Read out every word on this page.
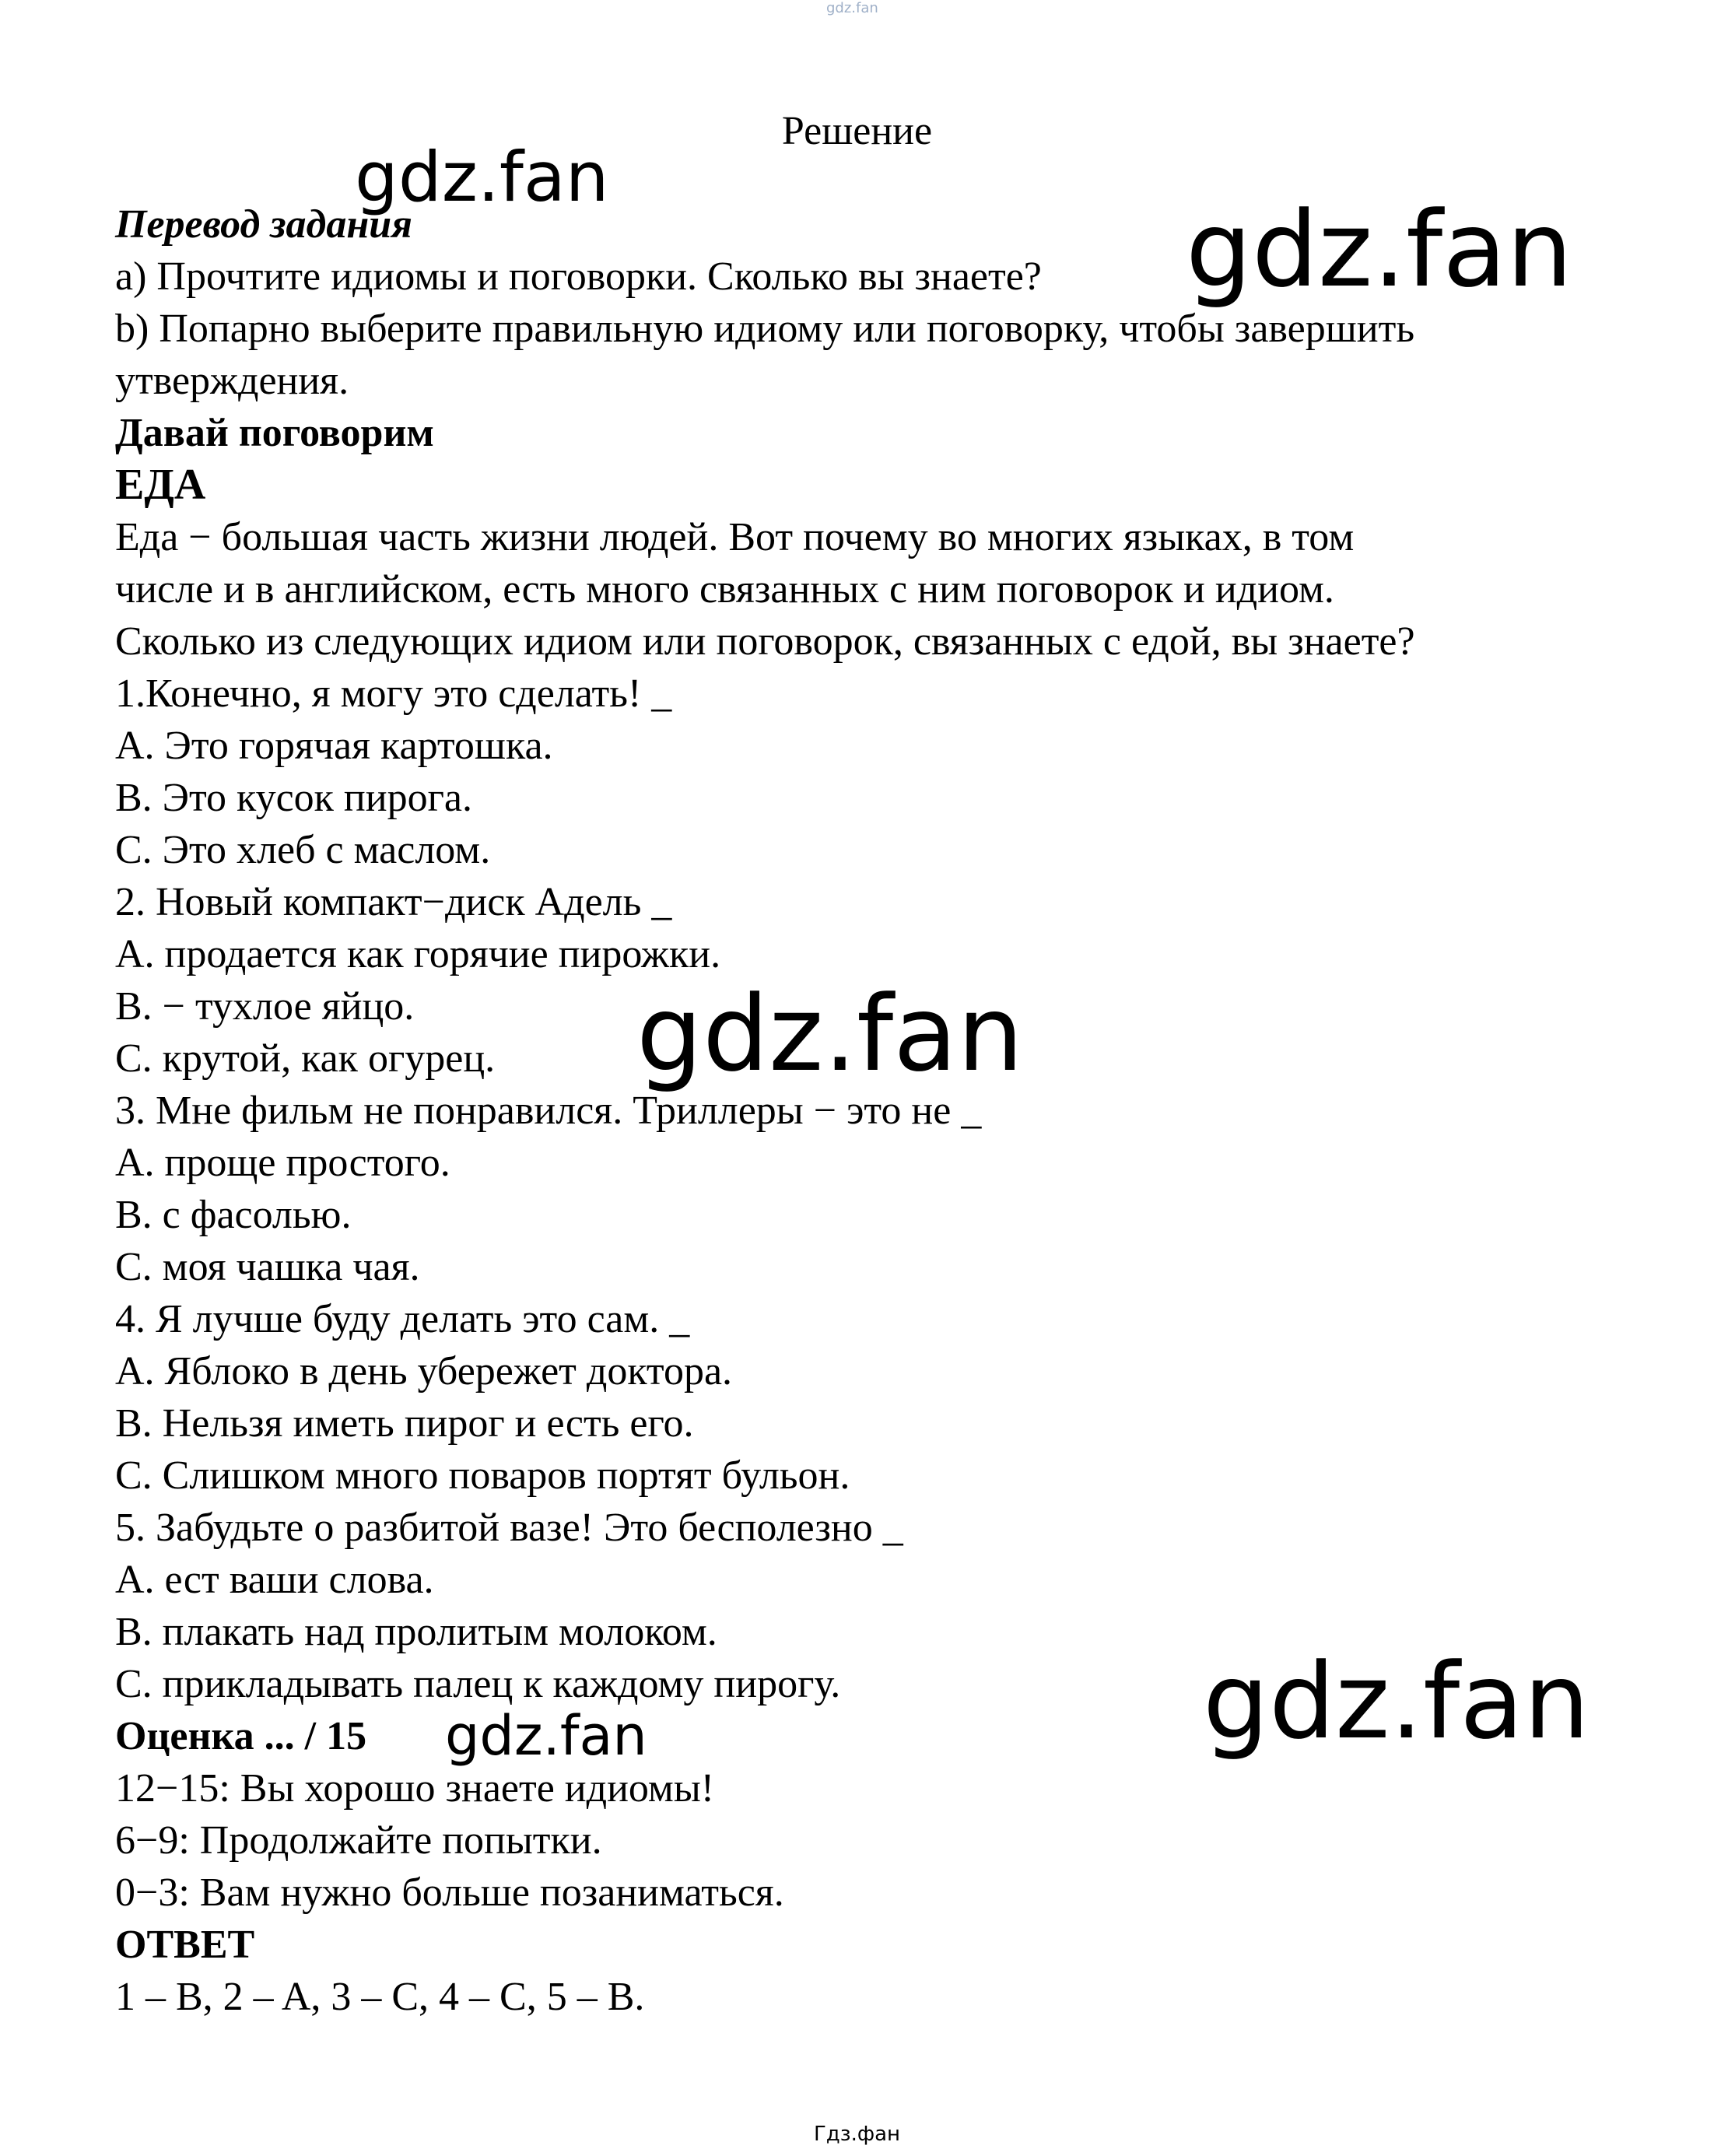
gdz.fan
Решение
Перевод задания
a) Прочтите идиомы и поговорки. Сколько вы знаете?
b) Попарно выберите правильную идиому или поговорку, чтобы завершить
утверждения.
Давай поговорим
ЕДА
Еда − большая часть жизни людей. Вот почему во многих языках, в том
числе и в английском, есть много связанных с ним поговорок и идиом.
Сколько из следующих идиом или поговорок, связанных с едой, вы знаете?
1.Конечно, я могу это сделать! _
A. Это горячая картошка.
B. Это кусок пирога.
C. Это хлеб с маслом.
2. Новый компакт−диск Адель _
A. продается как горячие пирожки.
B. − тухлое яйцо.
C. крутой, как огурец.
3. Мне фильм не понравился. Триллеры − это не _
A. проще простого.
B. с фасолью.
C. моя чашка чая.
4. Я лучше буду делать это сам. _
A. Яблоко в день убережет доктора.
B. Нельзя иметь пирог и есть его.
C. Слишком много поваров портят бульон.
5. Забудьте о разбитой вазе! Это бесполезно _
A. ест ваши слова.
B. плакать над пролитым молоком.
C. прикладывать палец к каждому пирогу.
Оценка ... / 15
12−15: Вы хорошо знаете идиомы!
6−9: Продолжайте попытки.
0−3: Вам нужно больше позаниматься.
ОТВЕТ
1 – B, 2 – A, 3 – C, 4 – C, 5 – B.
gdz.fan
gdz.fan
gdz.fan
gdz.fan
gdz.fan
Гдз.фан
